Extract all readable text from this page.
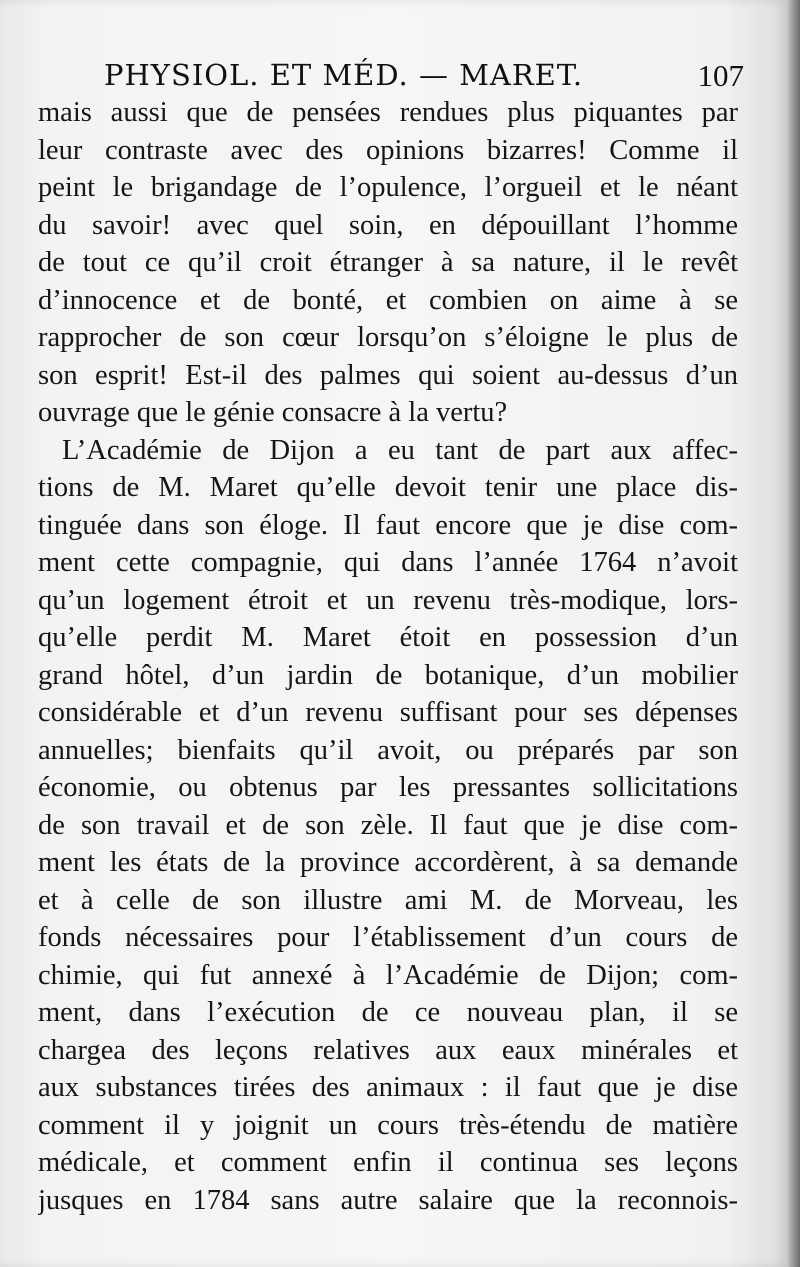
PHYSIOL. ET MÉD. — MARET.	107
mais aussi que de pensées rendues plus piquantes par
leur contraste avec des opinions bizarres! Comme il
peint le brigandage de l’opulence, l’orgueil et le néant
du savoir! avec quel soin, en dépouillant l’homme
de tout ce qu’il croit étranger à sa nature, il le revêt
d’innocence et de bonté, et combien on aime à se
rapprocher de son cœur lorsqu’on s’éloigne le plus de
son esprit! Est-il des palmes qui soient au-dessus d’un
ouvrage que le génie consacre à la vertu?
L’Académie de Dijon a eu tant de part aux affec-
tions de M. Maret qu’elle devoit tenir une place dis-
tinguée dans son éloge. Il faut encore que je dise com-
ment cette compagnie, qui dans l’année 1764 n’avoit
qu’un logement étroit et un revenu très-modique, lors-
qu’elle perdit M. Maret étoit en possession d’un
grand hôtel, d’un jardin de botanique, d’un mobilier
considérable et d’un revenu suffisant pour ses dépenses
annuelles; bienfaits qu’il avoit, ou préparés par son
économie, ou obtenus par les pressantes sollicitations
de son travail et de son zèle. Il faut que je dise com-
ment les états de la province accordèrent, à sa demande
et à celle de son illustre ami M. de Morveau, les
fonds nécessaires pour l’établissement d’un cours de
chimie, qui fut annexé à l’Académie de Dijon; com-
ment, dans l’exécution de ce nouveau plan, il se
chargea des leçons relatives aux eaux minérales et
aux substances tirées des animaux : il faut que je dise
comment il y joignit un cours très-étendu de matière
médicale, et comment enfin il continua ses leçons
jusques en 1784 sans autre salaire que la reconnois-
